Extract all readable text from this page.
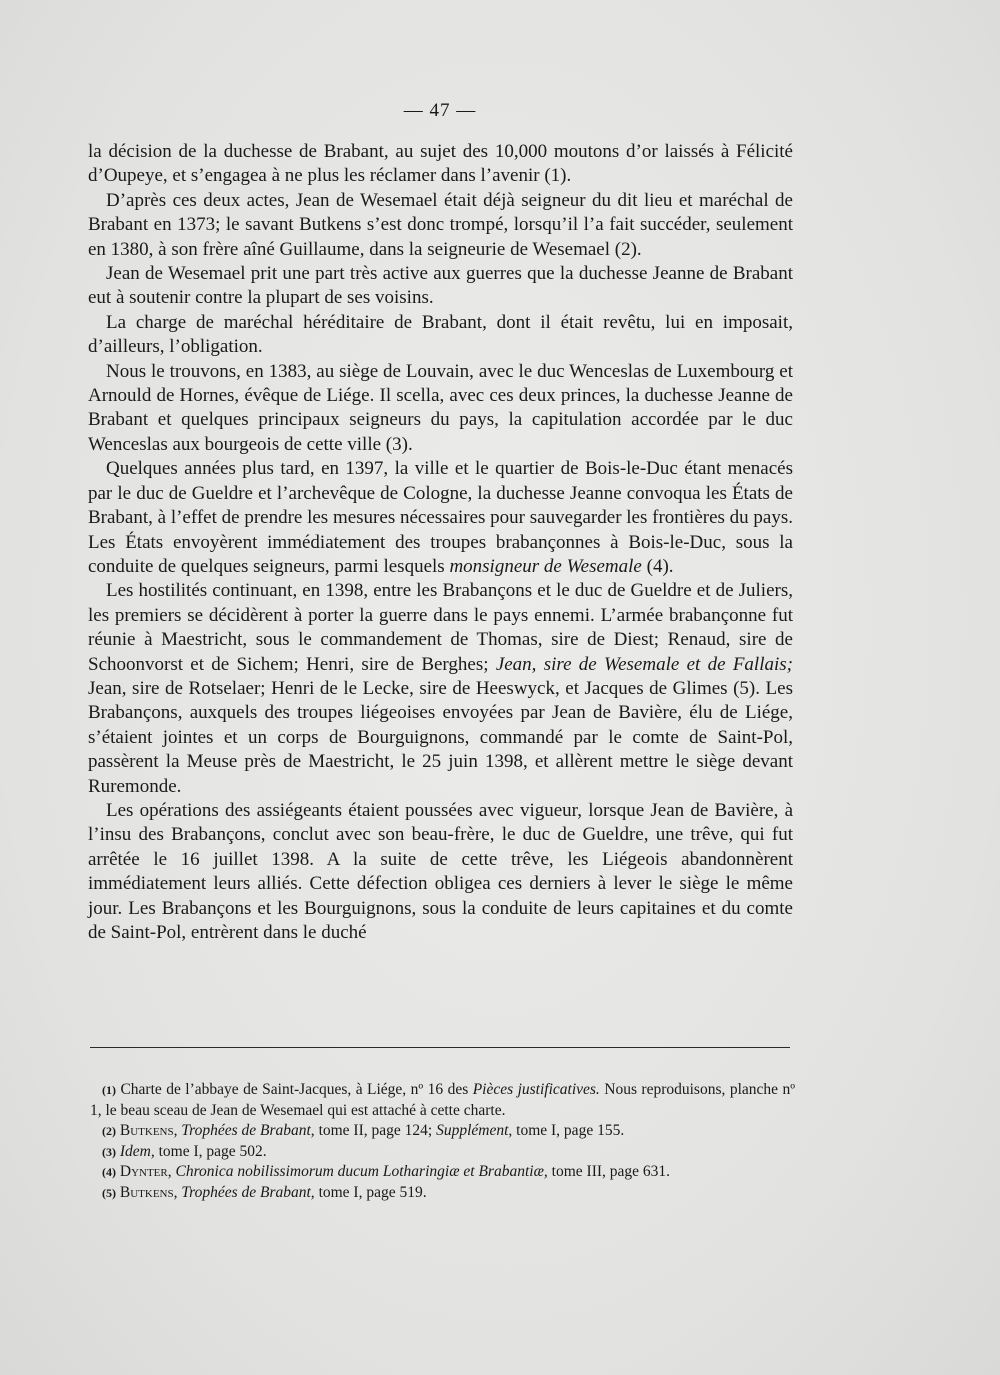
— 47 —

la décision de la duchesse de Brabant, au sujet des 10,000 moutons d’or laissés à Félicité d’Oupeye, et s’engagea à ne plus les réclamer dans l’avenir (1).

D’après ces deux actes, Jean de Wesemael était déjà seigneur du dit lieu et maréchal de Brabant en 1373; le savant Butkens s’est donc trompé, lorsqu’il l’a fait succéder, seulement en 1380, à son frère aîné Guillaume, dans la seigneurie de Wesemael (2).

Jean de Wesemael prit une part très active aux guerres que la duchesse Jeanne de Brabant eut à soutenir contre la plupart de ses voisins.

La charge de maréchal héréditaire de Brabant, dont il était revêtu, lui en imposait, d’ailleurs, l’obligation.

Nous le trouvons, en 1383, au siège de Louvain, avec le duc Wenceslas de Luxembourg et Arnould de Hornes, évêque de Liége. Il scella, avec ces deux princes, la duchesse Jeanne de Brabant et quelques principaux seigneurs du pays, la capitulation accordée par le duc Wenceslas aux bourgeois de cette ville (3).

Quelques années plus tard, en 1397, la ville et le quartier de Bois-le-Duc étant menacés par le duc de Gueldre et l’archevêque de Cologne, la duchesse Jeanne convoqua les États de Brabant, à l’effet de prendre les mesures nécessaires pour sauvegarder les frontières du pays. Les États envoyèrent immédiatement des troupes brabançonnes à Bois-le-Duc, sous la conduite de quelques seigneurs, parmi lesquels monsigneur de Wesemale (4).

Les hostilités continuant, en 1398, entre les Brabançons et le duc de Gueldre et de Juliers, les premiers se décidèrent à porter la guerre dans le pays ennemi. L’armée brabançonne fut réunie à Maestricht, sous le commandement de Thomas, sire de Diest; Renaud, sire de Schoonvorst et de Sichem; Henri, sire de Berghes; Jean, sire de Wesemale et de Fallais; Jean, sire de Rotselaer; Henri de le Lecke, sire de Heeswyck, et Jacques de Glimes (5). Les Brabançons, auxquels des troupes liégeoises envoyées par Jean de Bavière, élu de Liége, s’étaient jointes et un corps de Bourguignons, commandé par le comte de Saint-Pol, passèrent la Meuse près de Maestricht, le 25 juin 1398, et allèrent mettre le siège devant Ruremonde.

Les opérations des assiégeants étaient poussées avec vigueur, lorsque Jean de Bavière, à l’insu des Brabançons, conclut avec son beau-frère, le duc de Gueldre, une trêve, qui fut arrêtée le 16 juillet 1398. A la suite de cette trêve, les Liégeois abandonnèrent immédiatement leurs alliés. Cette défection obligea ces derniers à lever le siège le même jour. Les Brabançons et les Bourguignons, sous la conduite de leurs capitaines et du comte de Saint-Pol, entrèrent dans le duché

(1) Charte de l’abbaye de Saint-Jacques, à Liége, nº 16 des Pièces justificatives. Nous reproduisons, planche nº 1, le beau sceau de Jean de Wesemael qui est attaché à cette charte.
(2) Butkens, Trophées de Brabant, tome II, page 124; Supplément, tome I, page 155.
(3) Idem, tome I, page 502.
(4) Dynter, Chronica nobilissimorum ducum Lotharingiæ et Brabantiæ, tome III, page 631.
(5) Butkens, Trophées de Brabant, tome I, page 519.
